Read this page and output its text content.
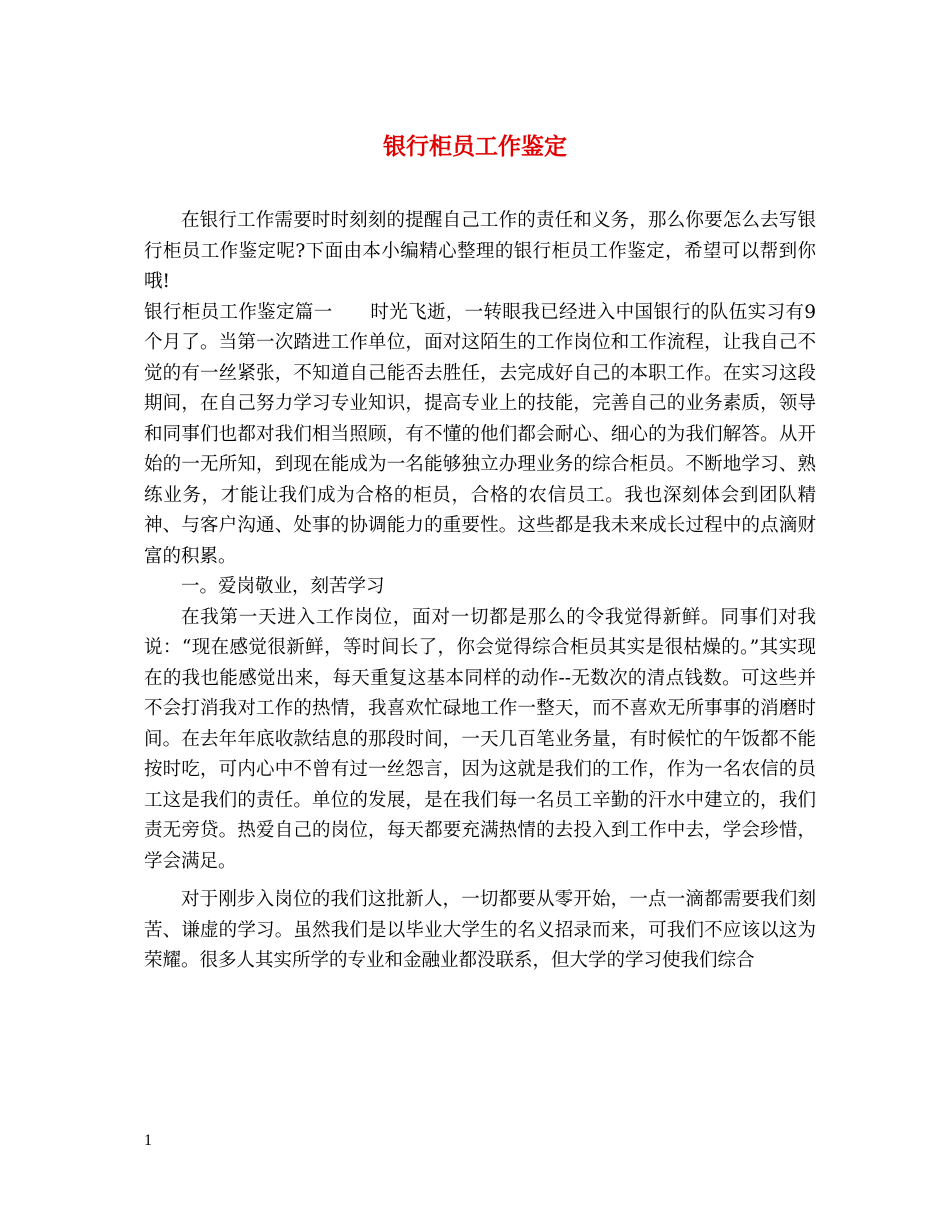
银行柜员工作鉴定

在银行工作需要时时刻刻的提醒自己工作的责任和义务，那么你要怎么去写银行柜员工作鉴定呢?下面由本小编精心整理的银行柜员工作鉴定，希望可以帮到你哦!

银行柜员工作鉴定篇一　　时光飞逝，一转眼我已经进入中国银行的队伍实习有9个月了。当第一次踏进工作单位，面对这陌生的工作岗位和工作流程，让我自己不觉的有一丝紧张，不知道自己能否去胜任，去完成好自己的本职工作。在实习这段期间，在自己努力学习专业知识，提高专业上的技能，完善自己的业务素质，领导和同事们也都对我们相当照顾，有不懂的他们都会耐心、细心的为我们解答。从开始的一无所知，到现在能成为一名能够独立办理业务的综合柜员。不断地学习、熟练业务，才能让我们成为合格的柜员，合格的农信员工。我也深刻体会到团队精神、与客户沟通、处事的协调能力的重要性。这些都是我未来成长过程中的点滴财富的积累。

一。爱岗敬业，刻苦学习

在我第一天进入工作岗位，面对一切都是那么的令我觉得新鲜。同事们对我说：“现在感觉很新鲜，等时间长了，你会觉得综合柜员其实是很枯燥的。”其实现在的我也能感觉出来，每天重复这基本同样的动作--无数次的清点钱数。可这些并不会打消我对工作的热情，我喜欢忙碌地工作一整天，而不喜欢无所事事的消磨时间。在去年年底收款结息的那段时间，一天几百笔业务量，有时候忙的午饭都不能按时吃，可内心中不曾有过一丝怨言，因为这就是我们的工作，作为一名农信的员工这是我们的责任。单位的发展，是在我们每一名员工辛勤的汗水中建立的，我们责无旁贷。热爱自己的岗位，每天都要充满热情的去投入到工作中去，学会珍惜，学会满足。

对于刚步入岗位的我们这批新人，一切都要从零开始，一点一滴都需要我们刻苦、谦虚的学习。虽然我们是以毕业大学生的名义招录而来，可我们不应该以这为荣耀。很多人其实所学的专业和金融业都没联系，但大学的学习使我们综合

1
